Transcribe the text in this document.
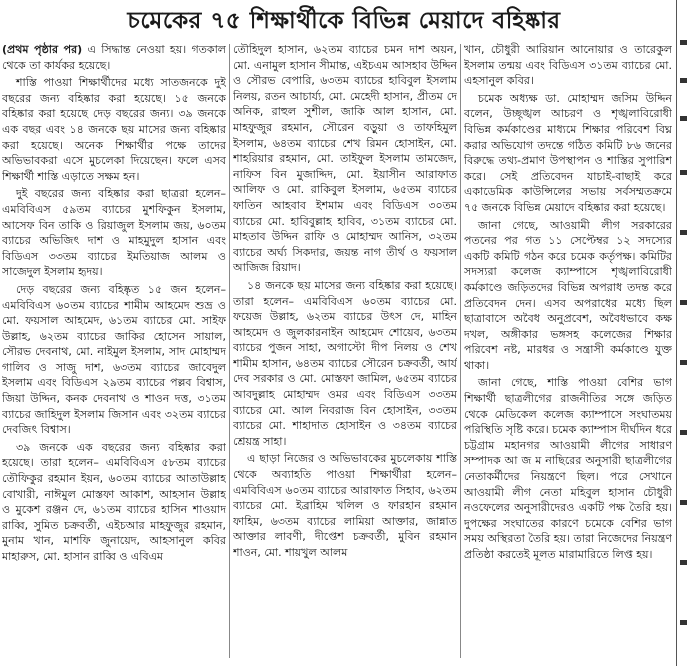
চমেকের ৭৫ শিক্ষার্থীকে বিভিন্ন মেয়াদে বহিষ্কার

(প্রথম পৃষ্ঠার পর) এ সিদ্ধান্ত নেওয়া হয়। গতকাল থেকে তা কার্যকর হয়েছে।

শাস্তি পাওয়া শিক্ষার্থীদের মধ্যে সাতজনকে দুই বছরের জন্য বহিষ্কার করা হয়েছে। ১৫ জনকে বহিষ্কার করা হয়েছে দেড় বছরের জন্য। ৩৯ জনকে এক বছর এবং ১৪ জনকে ছয় মাসের জন্য বহিষ্কার করা হয়েছে। অনেক শিক্ষার্থীর পক্ষে তাদের অভিভাবকরা এসে মুচলেকা দিয়েছেন। ফলে এসব শিক্ষার্থী শাস্তি এড়াতে সক্ষম হন।

দুই বছরের জন্য বহিষ্কার করা ছাত্ররা হলেন– এমবিবিএস ৫৯তম ব্যাচের মুশফিকুন ইসলাম, আসেফ বিন তাকি ও রিয়াজুল ইসলাম জয়, ৬০তম ব্যাচের অভিজিৎ দাশ ও মাহমুদুল হাসান এবং বিডিএস ৩৩তম ব্যাচের ইমতিয়াজ আলম ও সাজেদুল ইসলাম হৃদয়।

দেড় বছরের জন্য বহিষ্কৃত ১৫ জন হলেন– এমবিবিএস ৬০তম ব্যাচের শামীম আহমেদ শুভ্র ও মো. ফয়সাল আহমেদ, ৬১তম ব্যাচের মো. সাইফ উল্লাহ, ৬২তম ব্যাচের জাকির হোসেন সায়াল, সৌরভ দেবনাথ, মো. নাইমুল ইসলাম, সাদ মোহাম্মদ গালিব ও সাজু দাশ, ৬৩তম ব্যাচের জাবেদুল ইসলাম এবং বিডিএস ২৯তম ব্যাচের পল্লব বিশ্বাস, জিয়া উদ্দিন, কনক দেবনাথ ও শাওন দত্ত, ৩১তম ব্যাচের জাহিদুল ইসলাম জিসান এবং ৩২তম ব্যাচের দেবজিৎ বিশ্বাস।

৩৯ জনকে এক বছরের জন্য বহিষ্কার করা হয়েছে। তারা হলেন– এমবিবিএস ৫৮তম ব্যাচের তৌফিকুর রহমান ইয়ন, ৬০তম ব্যাচের আতাউল্লাহ বোখারী, নাঈমুল মোস্তফা আকাশ, আহসান উল্লাহ ও মুকেশ রঞ্জন দে, ৬১তম ব্যাচের হাসিন শাওয়াদ রাব্বি, সুমিত চক্রবর্তী, এইচআর মাহফুজুর রহমান, মুনাম খান, মাশফি জুনায়েদ, আহসানুল কবির মাহারুস, মো. হাসান রাব্বি ও এবিএম

তৌহিদুল হাসান, ৬২তম ব্যাচের চমন দাশ অয়ন, মো. এনামুল হাসান সীমান্ত, এইচএম আসহাব উদ্দিন ও সৌরভ বেপারি, ৬৩তম ব্যাচের হাবিবুল ইসলাম নিলয়, রতন আচার্য্য, মো. মেহেদী হাসান, প্রীতম দে অনিক, রাহুল সুশীল, জাকি আল হাসান, মো. মাহফুজুর রহমান, সৌরেন বড়ুয়া ও তাফহিমুল ইসলাম, ৬৪তম ব্যাচের শেখ রিমন হোসাইন, মো. শাহরিয়ার রহমান, মো. তাইফুল ইসলাম তামজেদ, নাফিস বিন মুজাদ্দিদ, মো. ইয়াসীন আরাফাত আলিফ ও মো. রাকিবুল ইসলাম, ৬৫তম ব্যাচের ফাতিন আহবাব ইশমাম এবং বিডিএস ৩০তম ব্যাচের মো. হাবিবুল্লাহ হাবিব, ৩১তম ব্যাচের মো. মাহতাব উদ্দিন রাফি ও মোহাম্মদ আনিস, ৩২তম ব্যাচের অর্ঘ্য সিকদার, জয়ন্ত নাগ তীর্থ ও ফয়সাল আজিজ রিয়াদ।

১৪ জনকে ছয় মাসের জন্য বহিষ্কার করা হয়েছে। তারা হলেন– এমবিবিএস ৬০তম ব্যাচের মো. ফয়েজ উল্লাহ, ৬২তম ব্যাচের উৎস দে, মাহিন আহমেদ ও জুলকারনাইন আহমেদ শোয়েব, ৬৩তম ব্যাচের পুজন সাহা, অগাস্টো দীপ নিলয় ও শেখ শামীম হাসান, ৬৪তম ব্যাচের সৌরেন চক্রবর্তী, আর্য দেব সরকার ও মো. মোস্তফা জামিল, ৬৫তম ব্যাচের আবদুল্লাহ মোহাম্মদ ওমর এবং বিডিএস ৩৩তম ব্যাচের মো. আল নিবরাজ বিন হোসাইন, ৩৩তম ব্যাচের মো. শাহাদাত হোসাইন ও ৩৪তম ব্যাচের শ্রেয়ন্ত্র সাহা।

এ ছাড়া নিজের ও অভিভাবকের মুচলেকায় শাস্তি থেকে অব্যাহতি পাওয়া শিক্ষার্থীরা হলেন– এমবিবিএস ৬০তম ব্যাচের আরাফাত সিহাব, ৬২তম ব্যাচের মো. ইব্রাহিম খলিল ও ফারহান রহমান ফাহিম, ৬৩তম ব্যাচের লামিয়া আক্তার, জান্নাত আক্তার লাবণী, দীপ্তেশ চক্রবর্তী, মুবিন রহমান শাওন, মো. শায়খুল আলম

খান, চৌধুরী আরিয়ান আনোয়ার ও তারেকুল ইসলাম তন্ময় এবং বিডিএস ৩১তম ব্যাচের মো. এহসানুল কবির।

চমেক অধ্যক্ষ ডা. মোহাম্মদ জসিম উদ্দিন বলেন, উচ্ছৃঙ্খল আচরণ ও শৃঙ্খলাবিরোধী বিভিন্ন কর্মকাণ্ডের মাধ্যমে শিক্ষার পরিবেশ বিঘ্ন করার অভিযোগ তদন্তে গঠিত কমিটি ৮৬ জনের বিরুদ্ধে তথ্য-প্রমাণ উপস্থাপন ও শাস্তির সুপারিশ করে। সেই প্রতিবেদন যাচাই-বাছাই করে একাডেমিক কাউন্সিলের সভায় সর্বসম্মতক্রমে ৭৫ জনকে বিভিন্ন মেয়াদে বহিষ্কার করা হয়েছে।

জানা গেছে, আওয়ামী লীগ সরকারের পতনের পর গত ১১ সেপ্টেম্বর ১২ সদস্যের একটি কমিটি গঠন করে চমেক কর্তৃপক্ষ। কমিটির সদস্যরা কলেজ ক্যাম্পাসে শৃঙ্খলাবিরোধী কর্মকাণ্ডে জড়িতদের বিভিন্ন অপরাধ তদন্ত করে প্রতিবেদন দেন। এসব অপরাধের মধ্যে ছিল ছাত্রাবাসে অবৈধ অনুপ্রবেশ, অবৈধভাবে কক্ষ দখল, অঙ্গীকার ভঙ্গসহ কলেজের শিক্ষার পরিবেশ নষ্ট, মারধর ও সন্ত্রাসী কর্মকাণ্ডে যুক্ত থাকা।

জানা গেছে, শাস্তি পাওয়া বেশির ভাগ শিক্ষার্থী ছাত্রলীগের রাজনীতির সঙ্গে জড়িত থেকে মেডিকেল কলেজ ক্যাম্পাসে সংঘাতময় পরিস্থিতি সৃষ্টি করে। চমেক ক্যাম্পাস দীর্ঘদিন ধরে চট্টগ্রাম মহানগর আওয়ামী লীগের সাধারণ সম্পাদক আ জ ম নাছিরের অনুসারী ছাত্রলীগের নেতাকর্মীদের নিয়ন্ত্রণে ছিল। পরে সেখানে আওয়ামী লীগ নেতা মহিবুল হাসান চৌধুরী নওফেলের অনুসারীদেরও একটি পক্ষ তৈরি হয়। দুপক্ষের সংঘাতের কারণে চমেকে বেশির ভাগ সময় অস্থিরতা তৈরি হয়। তারা নিজেদের নিয়ন্ত্রণ প্রতিষ্ঠা করতেই মূলত মারামারিতে লিপ্ত হয়।
